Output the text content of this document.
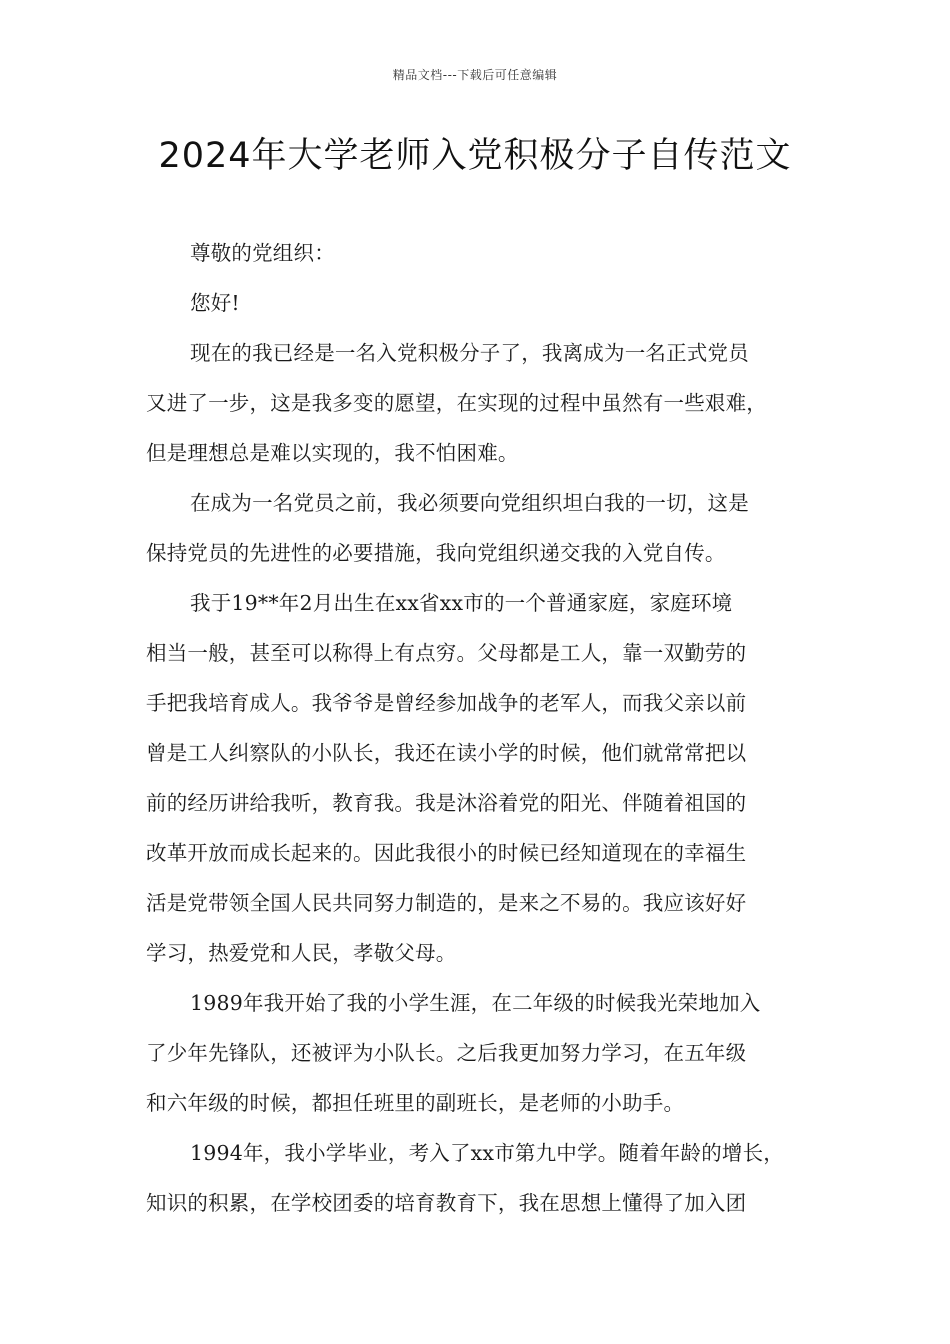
精品文档---下载后可任意编辑
2024年大学老师入党积极分子自传范文
尊敬的党组织：
您好!
现在的我已经是一名入党积极分子了，我离成为一名正式党员
又进了一步，这是我多变的愿望，在实现的过程中虽然有一些艰难，
但是理想总是难以实现的，我不怕困难。
在成为一名党员之前，我必须要向党组织坦白我的一切，这是
保持党员的先进性的必要措施，我向党组织递交我的入党自传。
我于19**年2月出生在xx省xx市的一个普通家庭，家庭环境
相当一般，甚至可以称得上有点穷。父母都是工人，靠一双勤劳的
手把我培育成人。我爷爷是曾经参加战争的老军人，而我父亲以前
曾是工人纠察队的小队长，我还在读小学的时候，他们就常常把以
前的经历讲给我听，教育我。我是沐浴着党的阳光、伴随着祖国的
改革开放而成长起来的。因此我很小的时候已经知道现在的幸福生
活是党带领全国人民共同努力制造的，是来之不易的。我应该好好
学习，热爱党和人民，孝敬父母。
1989年我开始了我的小学生涯，在二年级的时候我光荣地加入
了少年先锋队，还被评为小队长。之后我更加努力学习，在五年级
和六年级的时候，都担任班里的副班长，是老师的小助手。
1994年，我小学毕业，考入了xx市第九中学。随着年龄的增长，
知识的积累，在学校团委的培育教育下，我在思想上懂得了加入团
